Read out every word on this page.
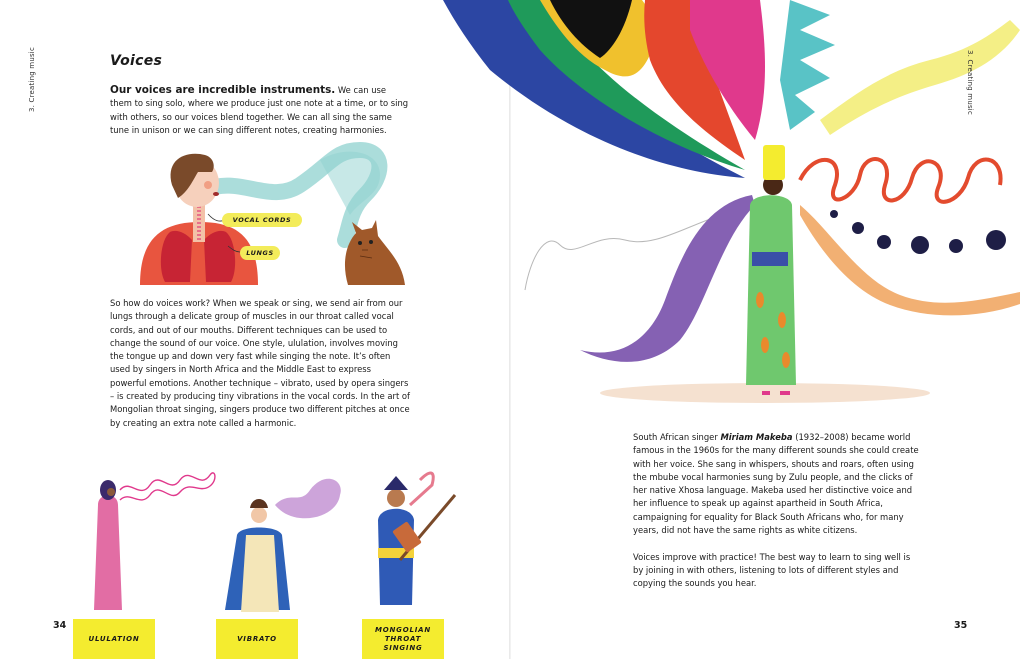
3. Creating music	Voices
Our voices are incredible instruments. We can use them to sing solo, where we produce just one note at a time, or to sing with others, so our voices blend together. We can all sing the same tune in unison or we can sing different notes, creating harmonies.
VOCAL CORDS
LUNGS
So how do voices work? When we speak or sing, we send air from our lungs through a delicate group of muscles in our throat called vocal cords, and out of our mouths. Different techniques can be used to change the sound of our voice. One style, ululation, involves moving the tongue up and down very fast while singing the note. It’s often used by singers in North Africa and the Middle East to express powerful emotions. Another technique – vibrato, used by opera singers – is created by producing tiny vibrations in the vocal cords. In the art of Mongolian throat singing, singers produce two different pitches at once by creating an extra note called a harmonic.
ULULATION	VIBRATO
MONGOLIAN THROAT SINGING
34
3. Creating music

South African singer Miriam Makeba (1932–2008) became world famous in the 1960s for the many different sounds she could create with her voice. She sang in whispers, shouts and roars, often using the mbube vocal harmonies sung by Zulu people, and the clicks of her native Xhosa language. Makeba used her distinctive voice and her influence to speak up against apartheid in South Africa, campaigning for equality for Black South Africans who, for many years, did not have the same rights as white citizens.

Voices improve with practice! The best way to learn to sing well is by joining in with others, listening to lots of different styles and copying the sounds you hear.

35
